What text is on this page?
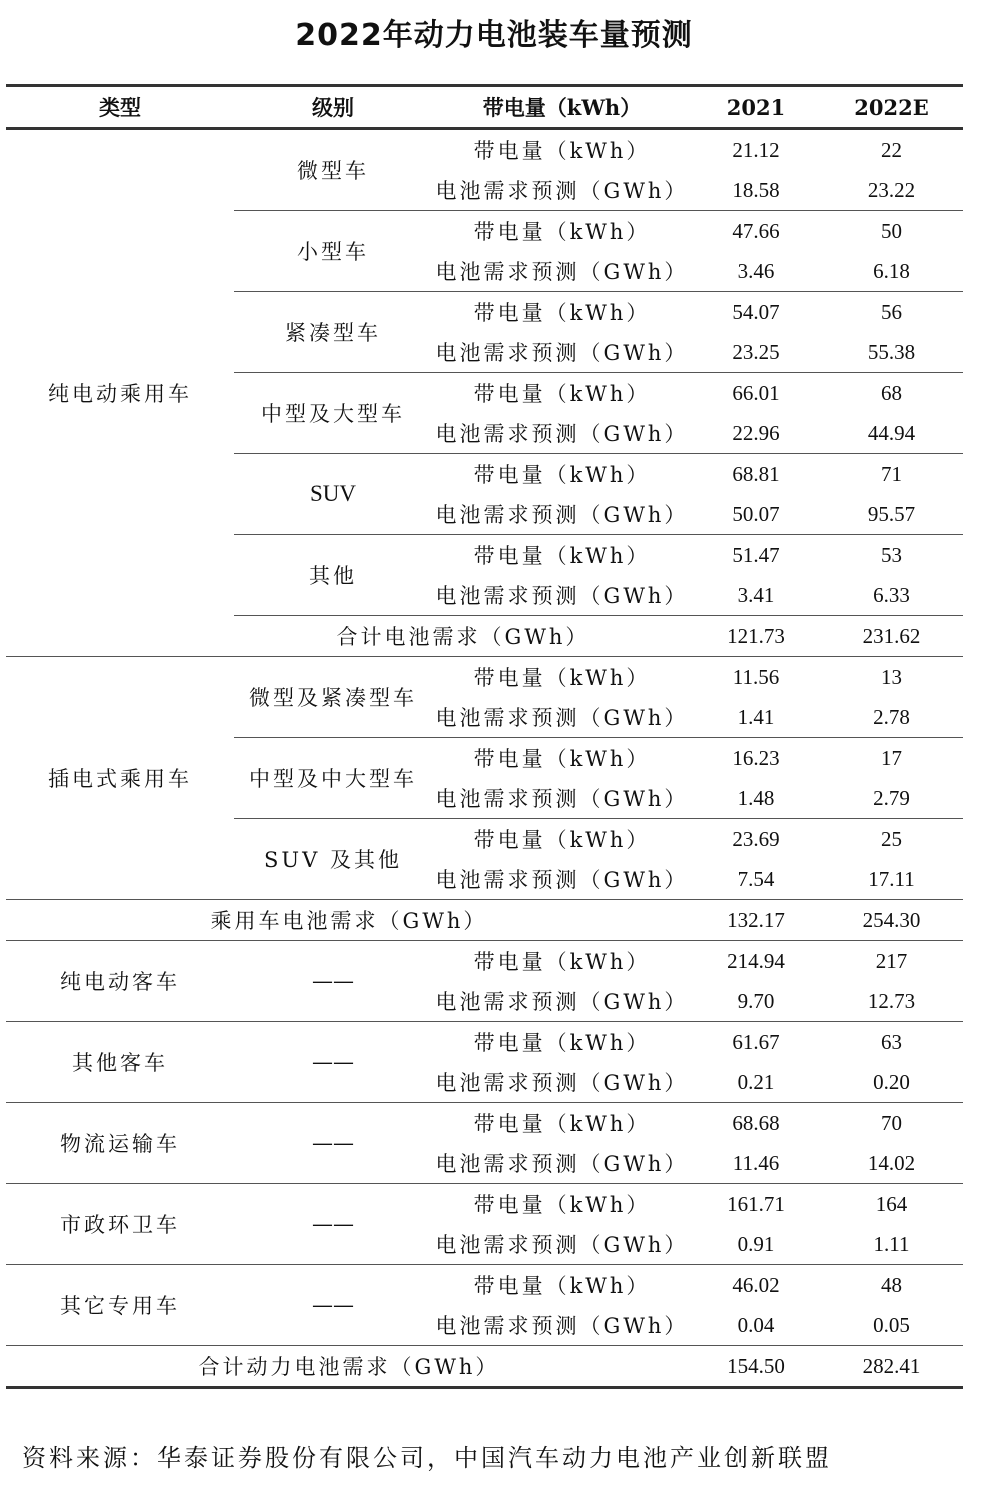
2022年动力电池装车量预测
类型	级别	带电量（kWh）	2021	2022E
纯电动乘用车	微型车	带电量（kWh）	21.12	22
		电池需求预测（GWh）	18.58	23.22
	小型车	带电量（kWh）	47.66	50
		电池需求预测（GWh）	3.46	6.18
	紧凑型车	带电量（kWh）	54.07	56
		电池需求预测（GWh）	23.25	55.38
	中型及大型车	带电量（kWh）	66.01	68
		电池需求预测（GWh）	22.96	44.94
	SUV	带电量（kWh）	68.81	71
		电池需求预测（GWh）	50.07	95.57
	其他	带电量（kWh）	51.47	53
		电池需求预测（GWh）	3.41	6.33
	合计电池需求（GWh）		121.73	231.62
插电式乘用车	微型及紧凑型车	带电量（kWh）	11.56	13
		电池需求预测（GWh）	1.41	2.78
	中型及中大型车	带电量（kWh）	16.23	17
		电池需求预测（GWh）	1.48	2.79
	SUV 及其他	带电量（kWh）	23.69	25
		电池需求预测（GWh）	7.54	17.11
乘用车电池需求（GWh）			132.17	254.30
纯电动客车	——	带电量（kWh）	214.94	217
		电池需求预测（GWh）	9.70	12.73
其他客车	——	带电量（kWh）	61.67	63
		电池需求预测（GWh）	0.21	0.20
物流运输车	——	带电量（kWh）	68.68	70
		电池需求预测（GWh）	11.46	14.02
市政环卫车	——	带电量（kWh）	161.71	164
		电池需求预测（GWh）	0.91	1.11
其它专用车	——	带电量（kWh）	46.02	48
		电池需求预测（GWh）	0.04	0.05
合计动力电池需求（GWh）			154.50	282.41
资料来源：华泰证券股份有限公司，中国汽车动力电池产业创新联盟
